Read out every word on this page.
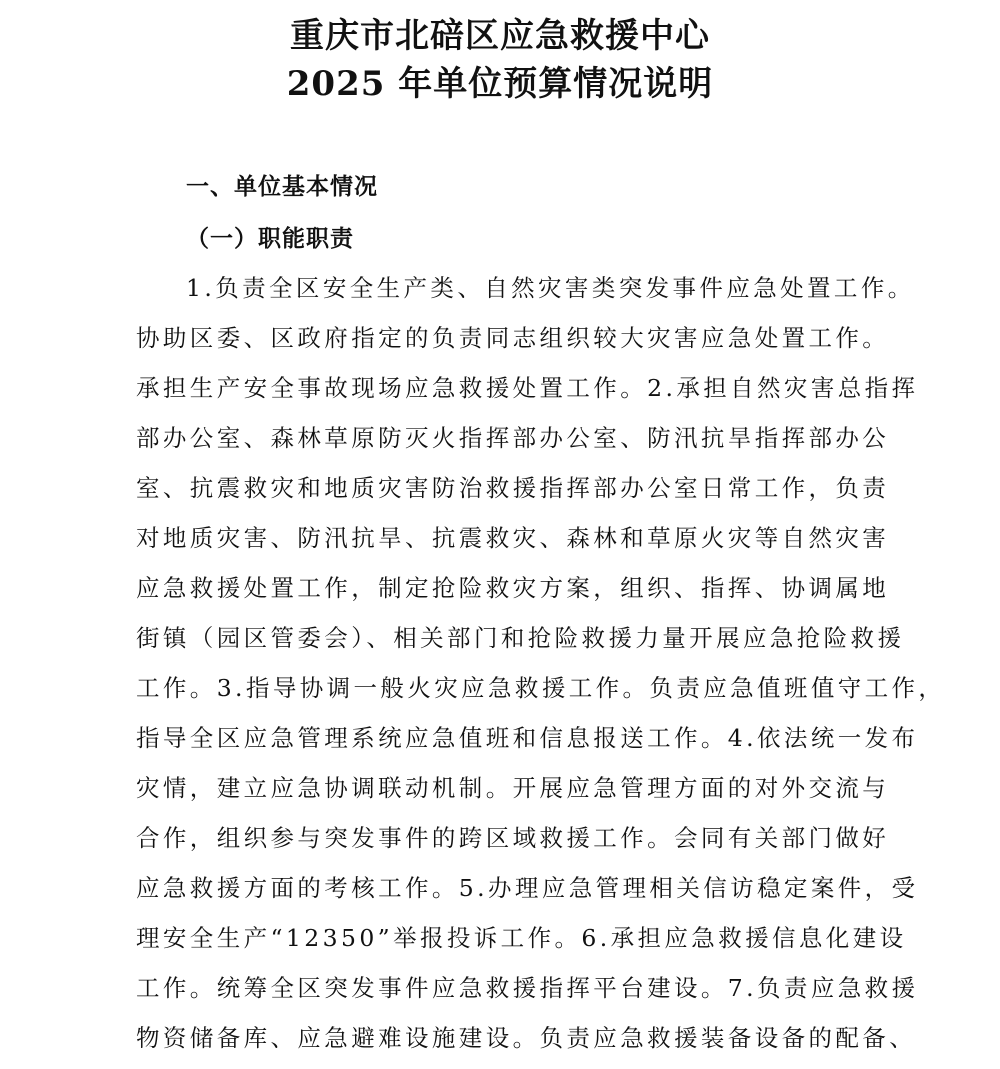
重庆市北碚区应急救援中心
2025 年单位预算情况说明
一、单位基本情况
（一）职能职责
1.负责全区安全生产类、自然灾害类突发事件应急处置工作。
协助区委、区政府指定的负责同志组织较大灾害应急处置工作。
承担生产安全事故现场应急救援处置工作。2.承担自然灾害总指挥
部办公室、森林草原防灭火指挥部办公室、防汛抗旱指挥部办公
室、抗震救灾和地质灾害防治救援指挥部办公室日常工作，负责
对地质灾害、防汛抗旱、抗震救灾、森林和草原火灾等自然灾害
应急救援处置工作，制定抢险救灾方案，组织、指挥、协调属地
街镇（园区管委会）、相关部门和抢险救援力量开展应急抢险救援
工作。3.指导协调一般火灾应急救援工作。负责应急值班值守工作，
指导全区应急管理系统应急值班和信息报送工作。4.依法统一发布
灾情，建立应急协调联动机制。开展应急管理方面的对外交流与
合作，组织参与突发事件的跨区域救援工作。会同有关部门做好
应急救援方面的考核工作。5.办理应急管理相关信访稳定案件，受
理安全生产“12350”举报投诉工作。6.承担应急救援信息化建设
工作。统筹全区突发事件应急救援指挥平台建设。7.负责应急救援
物资储备库、应急避难设施建设。负责应急救援装备设备的配备、
